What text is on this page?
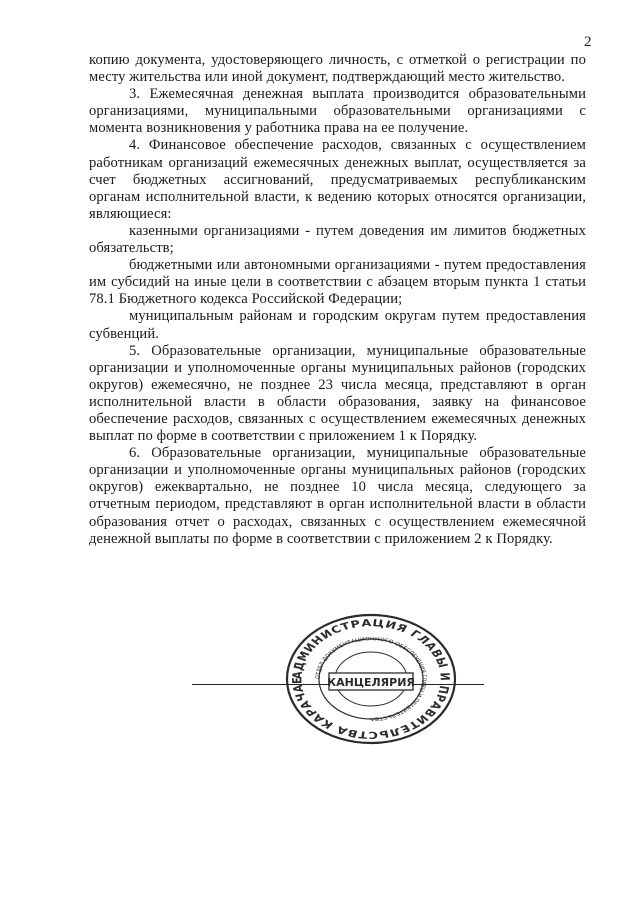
2

копию документа, удостоверяющего личность, с отметкой о регистрации по месту жительства или иной документ, подтверждающий место жительство.

3. Ежемесячная денежная выплата производится образовательными организациями, муниципальными образовательными организациями с момента возникновения у работника права на ее получение.

4. Финансовое обеспечение расходов, связанных с осуществлением работникам организаций ежемесячных денежных выплат, осуществляется за счет бюджетных ассигнований, предусматриваемых республиканским органам исполнительной власти, к ведению которых относятся организации, являющиеся:

казенными организациями - путем доведения им лимитов бюджетных обязательств;

бюджетными или автономными организациями - путем предоставления им субсидий на иные цели в соответствии с абзацем вторым пункта 1 статьи 78.1 Бюджетного кодекса Российской Федерации;

муниципальным районам и городским округам путем предоставления субвенций.

5. Образовательные организации, муниципальные образовательные организации и уполномоченные органы муниципальных районов (городских округов) ежемесячно, не позднее 23 числа месяца, представляют в орган исполнительной власти в области образования, заявку на финансовое обеспечение расходов, связанных с осуществлением ежемесячных денежных выплат по форме в соответствии с приложением 1 к Порядку.

6. Образовательные организации, муниципальные образовательные организации и уполномоченные органы муниципальных районов (городских округов) ежеквартально, не позднее 10 числа месяца, следующего за отчетным периодом, представляют в орган исполнительной власти в области образования отчет о расходах, связанных с осуществлением ежемесячной денежной выплаты по форме в соответствии с приложением 2 к Порядку.

АДМИНИСТРАЦИЯ ГЛАВЫ И ПРАВИТЕЛЬСТВА КАРАЧАЕ	ОТДЕЛ ДОКУМЕНТАЦИОННОГО ОБЕСПЕЧЕНИЯ ГЛАВЫ И ПРАВИТЕЛЬСТВА
КАНЦЕЛЯРИЯ
